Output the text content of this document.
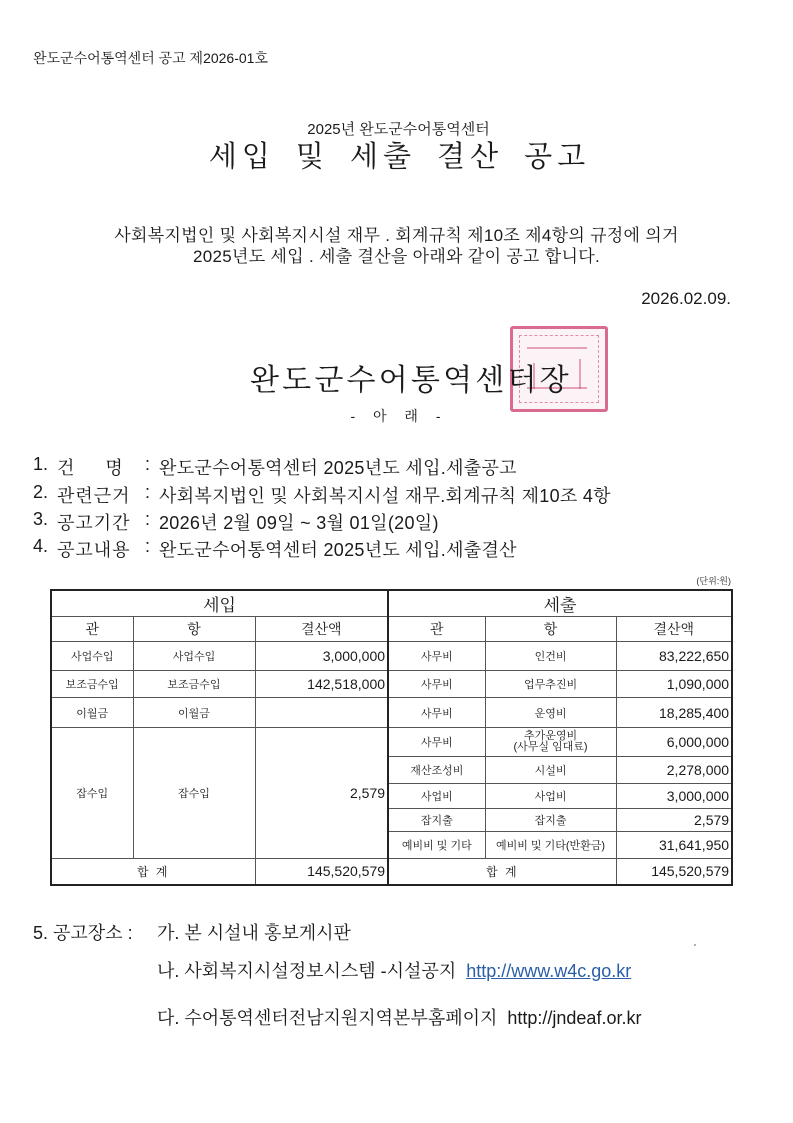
완도군수어통역센터 공고 제2026-01호
2025년 완도군수어통역센터
세입 및 세출 결산 공고
사회복지법인 및 사회복지시설 재무 . 회계규칙 제10조 제4항의 규정에 의거
2025년도 세입 . 세출 결산을 아래와 같이 공고 합니다.
2026.02.09.
완도군수어통역센터장
- 아 래 -
1. 건     명	: 완도군수어통역센터 2025년도 세입.세출공고
2. 관련근거 : 사회복지법인 및 사회복지시설 재무.회계규칙 제10조 4항
3. 공고기간 : 2026년 2월 09일 ~ 3월 01일(20일)
4. 공고내용 : 완도군수어통역센터 2025년도 세입.세출결산
(단위:원)
세입			세출		
관	항	결산액	관	항	결산액
사업수입	사업수입	3,000,000	사무비	인건비	83,222,650
보조금수입	보조금수입	142,518,000	사무비	업무추진비	1,090,000
이월금	이월금		사무비	운영비	18,285,400
잡수입	잡수입	2,579	사무비	추가운영비
(사무실 임대료)	6,000,000
			재산조성비	시설비	2,278,000
			사업비	사업비	3,000,000
			잡지출	잡지출	2,579
			예비비 및 기타	예비비 및 기타(반환금)	31,641,950
합 계		145,520,579	합 계		145,520,579
5. 공고장소 : 가. 본 시설내 홍보게시판
나. 사회복지시설정보시스템 -시설공지 http://www.w4c.go.kr
다. 수어통역센터전남지원지역본부홈페이지 http://jndeaf.or.kr
